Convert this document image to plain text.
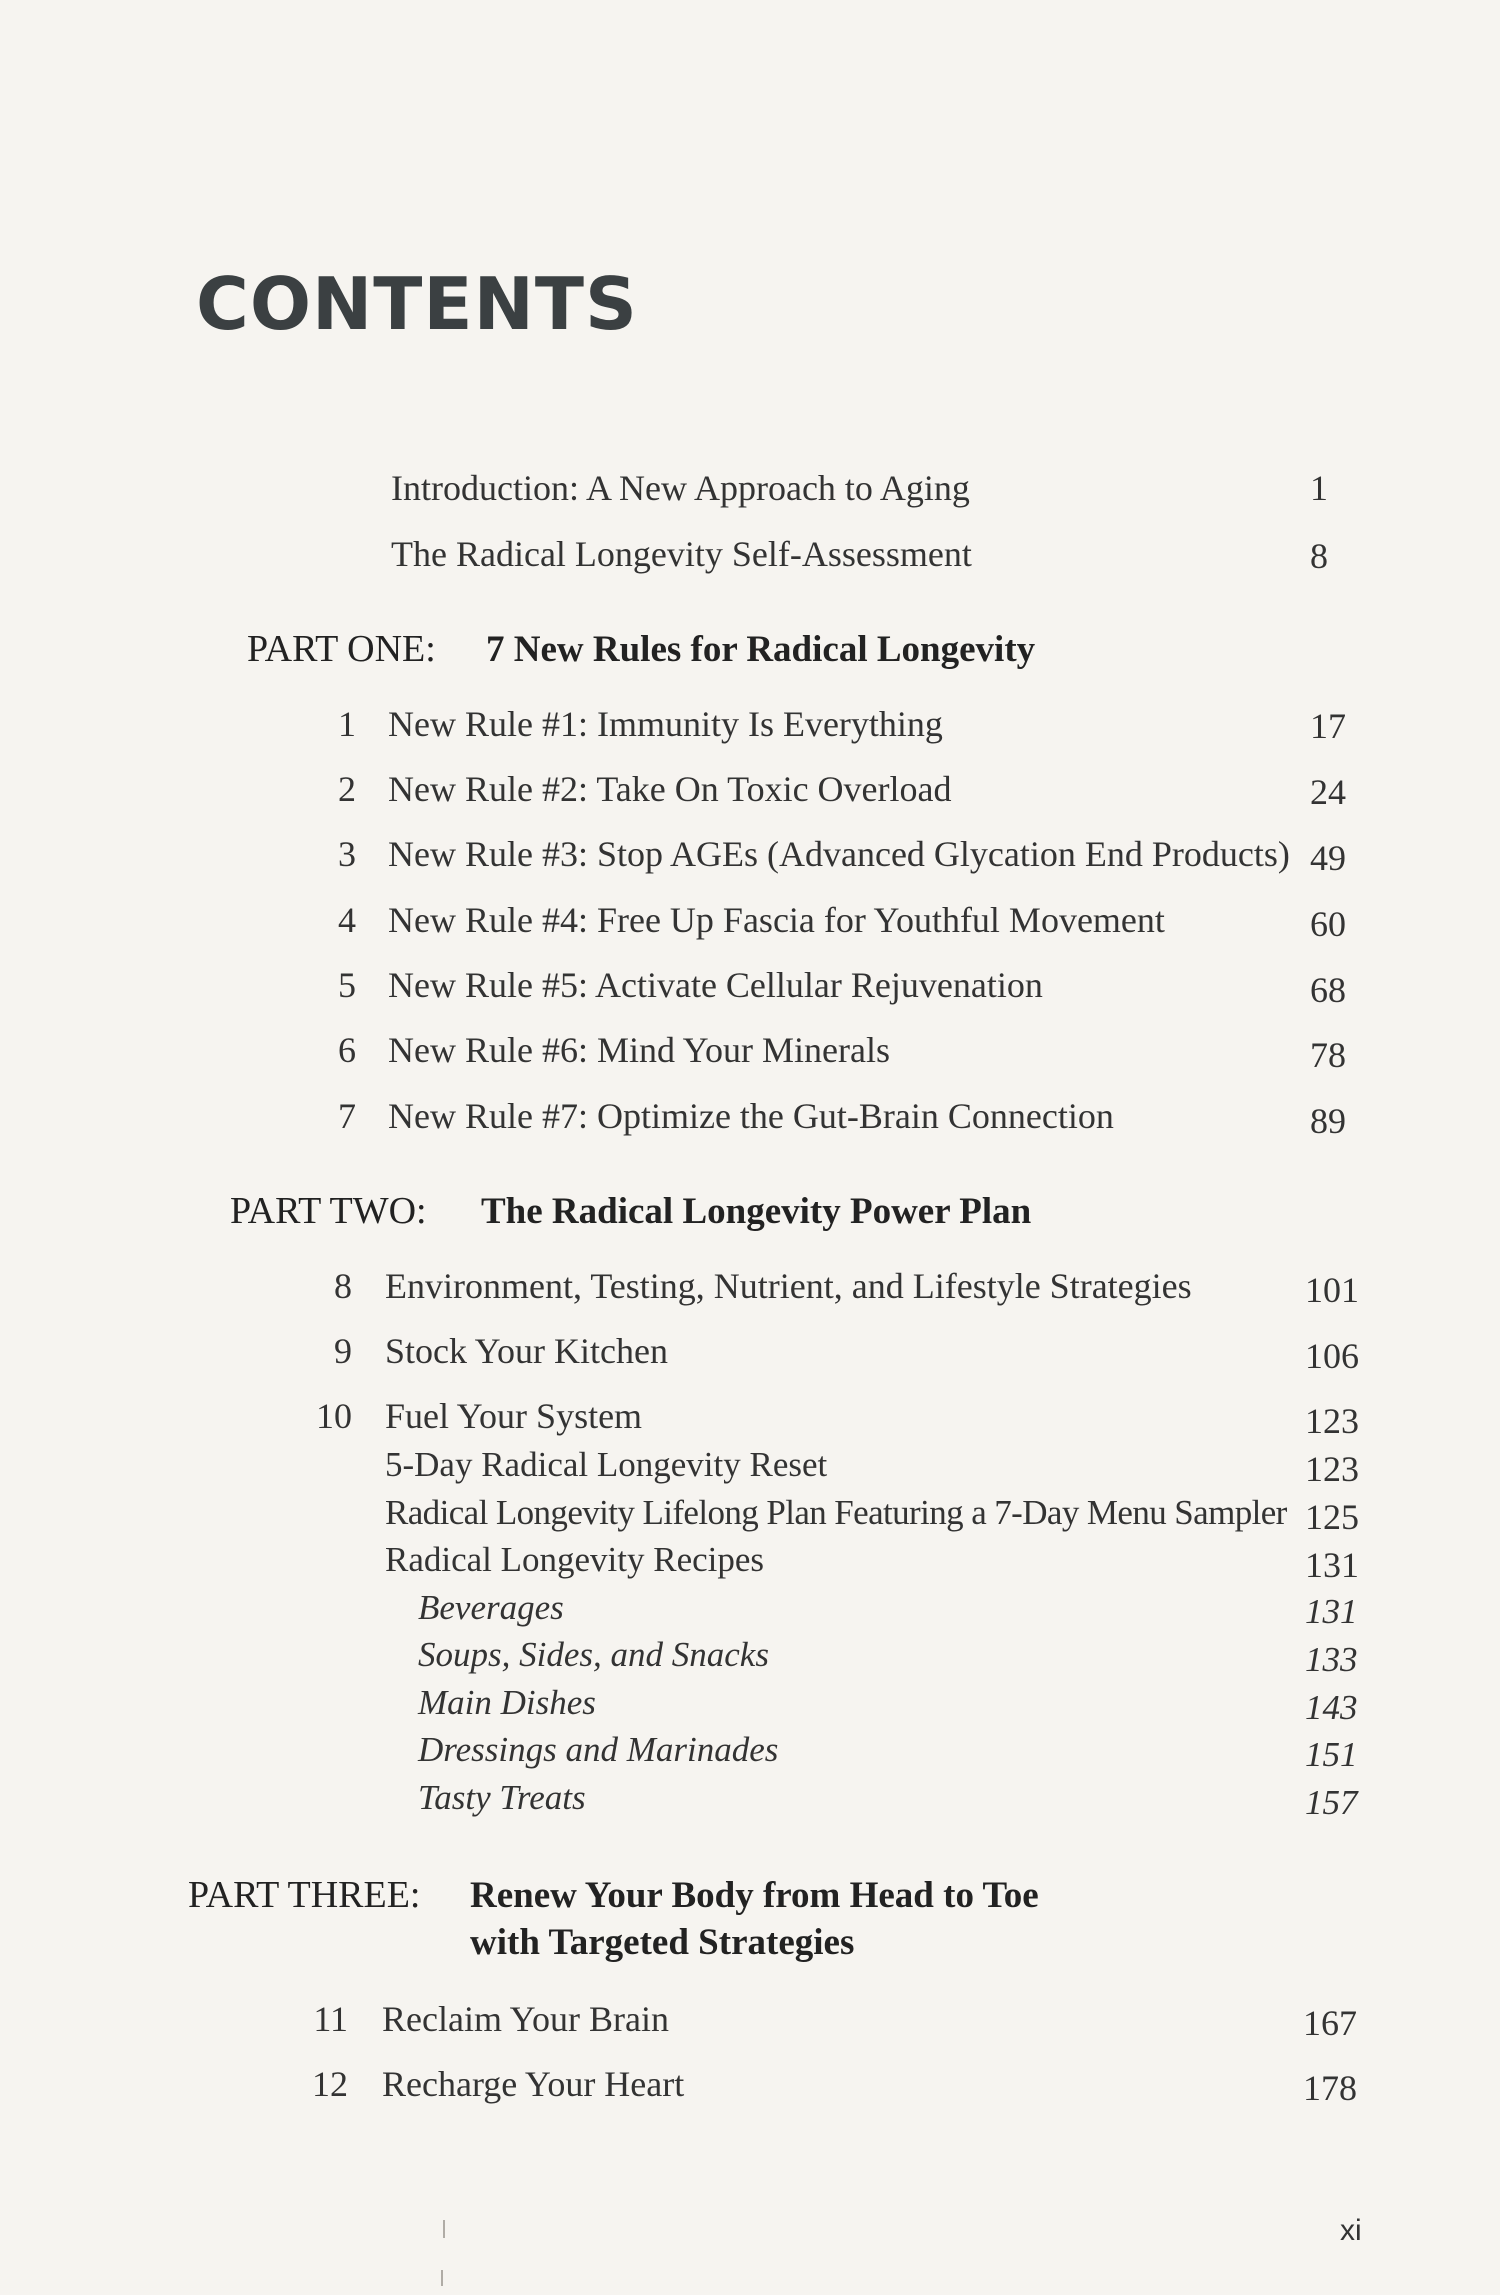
CONTENTS
Introduction: A New Approach to Aging	1
The Radical Longevity Self-Assessment	8
PART ONE: 7 New Rules for Radical Longevity
1 New Rule #1: Immunity Is Everything	17
2 New Rule #2: Take On Toxic Overload	24
3 New Rule #3: Stop AGEs (Advanced Glycation End Products) 49
4 New Rule #4: Free Up Fascia for Youthful Movement	60
5 New Rule #5: Activate Cellular Rejuvenation	68
6 New Rule #6: Mind Your Minerals	78
7 New Rule #7: Optimize the Gut-Brain Connection	89
PART TWO: The Radical Longevity Power Plan
8 Environment, Testing, Nutrient, and Lifestyle Strategies	101
9 Stock Your Kitchen	106
10 Fuel Your System	123
5-Day Radical Longevity Reset	123
Radical Longevity Lifelong Plan Featuring a 7-Day Menu Sampler 125
Radical Longevity Recipes	131
Beverages	131
Soups, Sides, and Snacks	133
Main Dishes	143
Dressings and Marinades	151
Tasty Treats	157
PART THREE: Renew Your Body from Head to Toe
with Targeted Strategies
11 Reclaim Your Brain	167
12 Recharge Your Heart	178
xi
